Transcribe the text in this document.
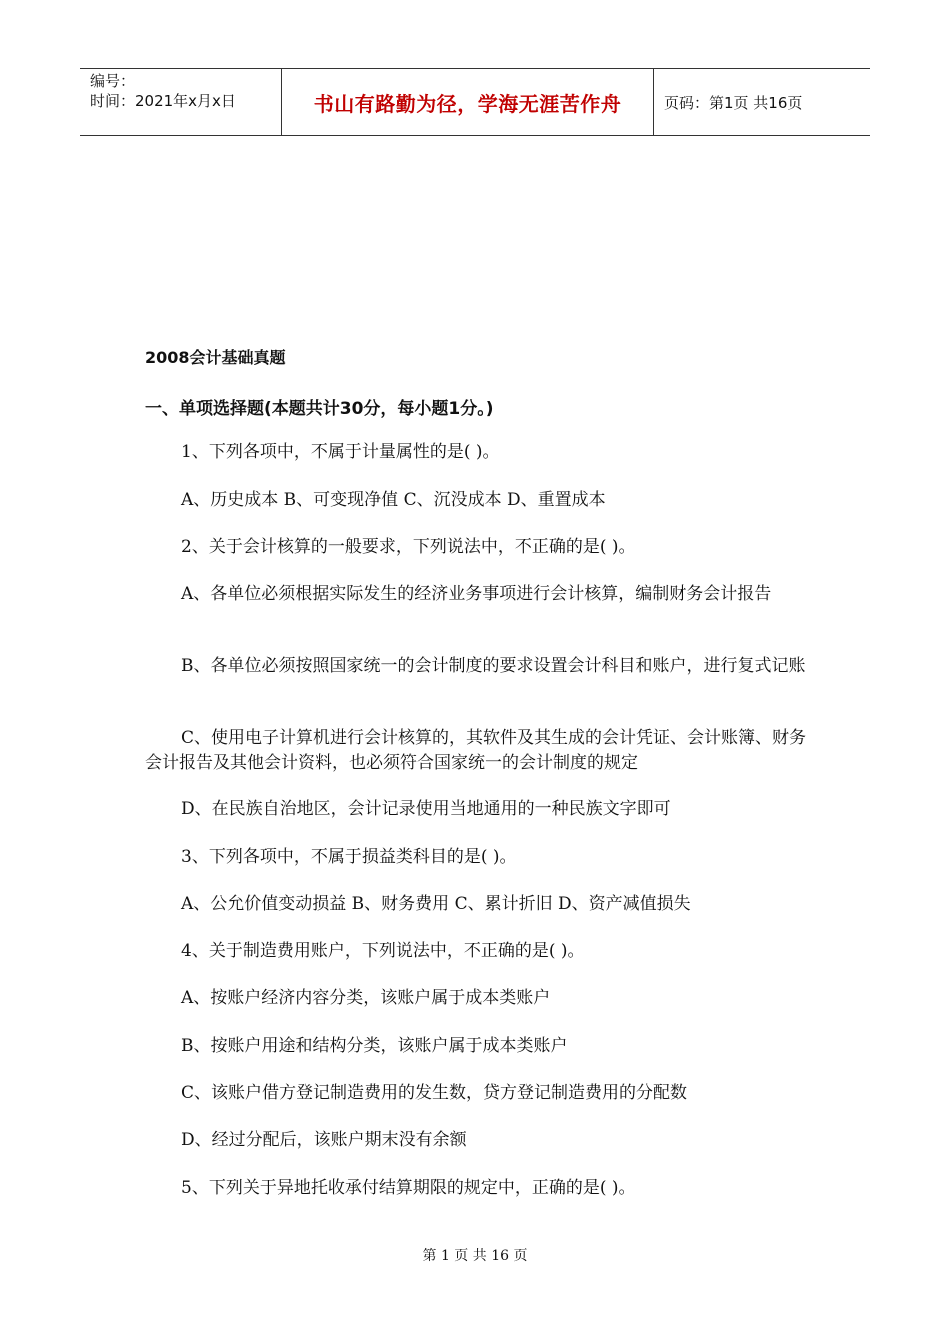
编号：
时间：2021年x月x日	书山有路勤为径，学海无涯苦作舟	页码：第1页 共16页
2008会计基础真题
一、单项选择题(本题共计30分，每小题1分。)
1、下列各项中，不属于计量属性的是( )。
A、历史成本 B、可变现净值 C、沉没成本 D、重置成本
2、关于会计核算的一般要求，下列说法中，不正确的是( )。
A、各单位必须根据实际发生的经济业务事项进行会计核算，编制财务会计报告
B、各单位必须按照国家统一的会计制度的要求设置会计科目和账户，进行复式记账
C、使用电子计算机进行会计核算的，其软件及其生成的会计凭证、会计账簿、财务会计报告及其他会计资料，也必须符合国家统一的会计制度的规定
D、在民族自治地区，会计记录使用当地通用的一种民族文字即可
3、下列各项中，不属于损益类科目的是( )。
A、公允价值变动损益 B、财务费用 C、累计折旧 D、资产减值损失
4、关于制造费用账户，下列说法中，不正确的是( )。
A、按账户经济内容分类，该账户属于成本类账户
B、按账户用途和结构分类，该账户属于成本类账户
C、该账户借方登记制造费用的发生数，贷方登记制造费用的分配数
D、经过分配后，该账户期末没有余额
5、下列关于异地托收承付结算期限的规定中，正确的是( )。
第 1 页 共 16 页
